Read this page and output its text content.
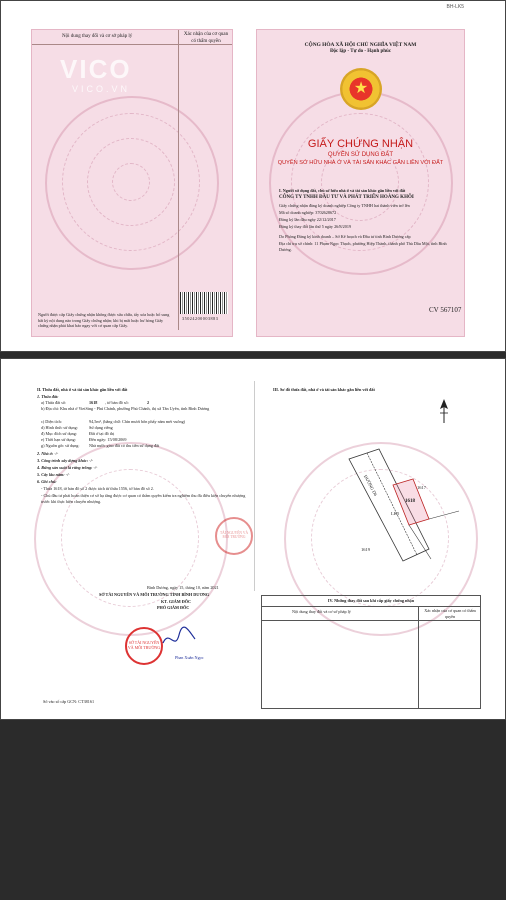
VICO
VICO.VN
Nội dung thay đổi và cơ sở pháp lý	Xác nhận của cơ quan có thẩm quyền
Người được cấp Giấy chứng nhận không được sửa chữa, tẩy xóa hoặc bổ sung bất kỳ nội dung nào trong Giấy chứng nhận; khi bị mất hoặc hư hỏng Giấy chứng nhận phải khai báo ngay với cơ quan cấp Giấy.
35024200003883
BH-LK5
CỘNG HÒA XÃ HỘI CHỦ NGHĨA VIỆT NAM
Độc lập - Tự do - Hạnh phúc
★
GIẤY CHỨNG NHẬN
QUYỀN SỬ DỤNG ĐẤT
QUYỀN SỞ HỮU NHÀ Ở VÀ TÀI SẢN KHÁC GẮN LIỀN VỚI ĐẤT
I. Người sử dụng đất, chủ sở hữu nhà ở và tài sản khác gắn liền với đất
CÔNG TY TNHH ĐẦU TƯ VÀ PHÁT TRIỂN HOÀNG KHÔI
Giấy chứng nhận đăng ký doanh nghiệp Công ty TNHH hai thành viên trở lên
Mã số doanh nghiệp: 3702628672
Đăng ký lần đầu ngày 22/12/2017
Đăng ký thay đổi lần thứ 5 ngày 26/8/2019
Do Phòng Đăng ký kinh doanh – Sở Kế hoạch và Đầu tư tỉnh Bình Dương cấp
Địa chỉ trụ sở chính: 11 Phạm Ngọc Thạch, phường Hiệp Thành, thành phố Thủ Dầu Một, tỉnh Bình Dương.
CV 567107
II. Thửa đất, nhà ở và tài sản khác gắn liền với đất
1. Thửa đất:
a) Thửa đất số:	1618 , tờ bản đồ số:	2
b) Địa chỉ: Khu nhà ở VietSing - Phú Chánh, phường Phú Chánh, thị xã Tân Uyên, tỉnh Bình Dương
c) Diện tích:	94,5m², (bằng chữ: Chín mươi bốn phẩy năm mét vuông)
d) Hình thức sử dụng:	Sử dụng riêng
đ) Mục đích sử dụng:	Đất ở tại đô thị
e) Thời hạn sử dụng:	Đến ngày: 15/08/2069
g) Nguồn gốc sử dụng: Nhà nước giao đất có thu tiền sử dụng đất
2. Nhà ở: -/-
3. Công trình xây dựng khác: -/-
4. Rừng sản xuất là rừng trồng: -/-
5. Cây lâu năm: -/-
6. Ghi chú:
- Thửa 1618, tờ bản đồ số 2 được tách từ thửa 1556, tờ bản đồ số 2.
- Chủ đầu tư phải hoàn thiện cơ sở hạ tầng được cơ quan có thẩm quyền kiểm tra nghiệm thu đủ điều kiện chuyển nhượng trước khi thực hiện chuyển nhượng.
Bình Dương, ngày 15, tháng 10, năm 2021
SỞ TÀI NGUYÊN VÀ MÔI TRƯỜNG TỈNH BÌNH DƯƠNG
KT. GIÁM ĐỐC
PHÓ GIÁM ĐỐC
SỞ TÀI NGUYÊN
VÀ MÔI TRƯỜNG
Phan Xuân Ngọc
Số vào sổ cấp GCN: CT38161
TÀI NGUYÊN VÀ
MÔI TRƯỜNG
III. Sơ đồ thửa đất, nhà ở và tài sản khác gắn liền với đất
ĐƯỜNG D6
LK5
1618
1617
1619
IV. Những thay đổi sau khi cấp giấy chứng nhận
Nội dung thay đổi và cơ sở pháp lý	Xác nhận của cơ quan có thẩm quyền
